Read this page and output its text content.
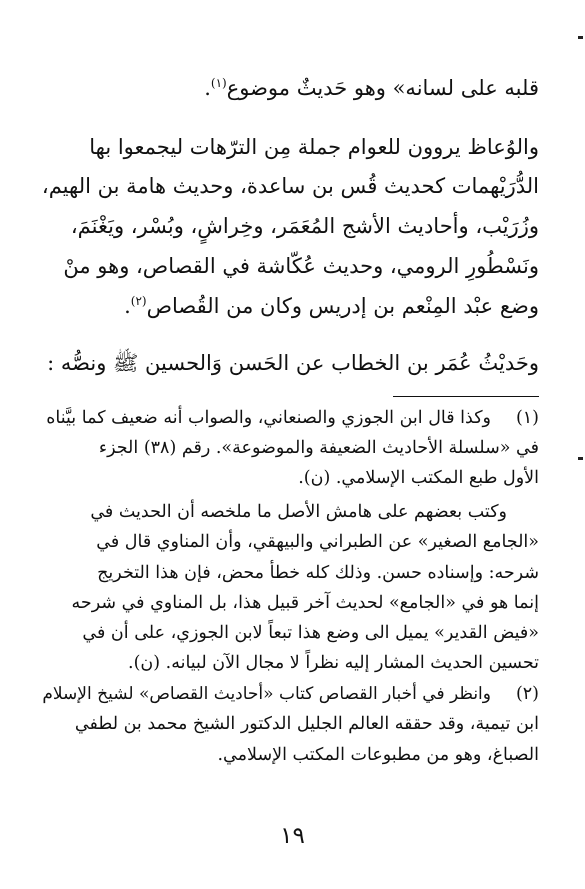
قلبه على لسانه» وهو حَديثٌ موضوع$^{(١)}$.
والوُعاظ يروون للعوام جملة مِن الترّهات ليجمعوا بها
الدُّرَيْهمات كحديث قُس بن ساعدة، وحديث هامة بن الهيم،
وزُرَيْب، وأحاديث الأشج المُعَمَر، وخِراشٍ، وبُسْر، ويَغْنَمَ،
ونَسْطُورِ الرومي، وحديث عُكّاشة في القصاص، وهو منْ
وضع عبْد المِنْعم بن إدريس وكان من القُصاص$^{(٢)}$.
وحَديْثُ عُمَر بن الخطاب عن الحَسن وَالحسين ﷺ ونصُّه :
(١)
وكذا قال ابن الجوزي والصنعاني، والصواب أنه ضعيف كما بيَّناه
في «سلسلة الأحاديث الضعيفة والموضوعة». رقم (٣٨) الجزء
الأول طبع المكتب الإسلامي. (ن).
وكتب بعضهم على هامش الأصل ما ملخصه أن الحديث في
«الجامع الصغير» عن الطبراني والبيهقي، وأن المناوي قال في
شرحه: وإسناده حسن. وذلك كله خطأ محض، فإن هذا التخريج
إنما هو في «الجامع» لحديث آخر قبيل هذا، بل المناوي في شرحه
«فيض القدير» يميل الى وضع هذا تبعاً لابن الجوزي، على أن في
تحسين الحديث المشار إليه نظراً لا مجال الآن لبيانه. (ن).
(٢)
وانظر في أخبار القصاص كتاب «أحاديث القصاص» لشيخ الإسلام
ابن تيمية، وقد حققه العالم الجليل الدكتور الشيخ محمد بن لطفي
الصباغ، وهو من مطبوعات المكتب الإسلامي.
١٩
